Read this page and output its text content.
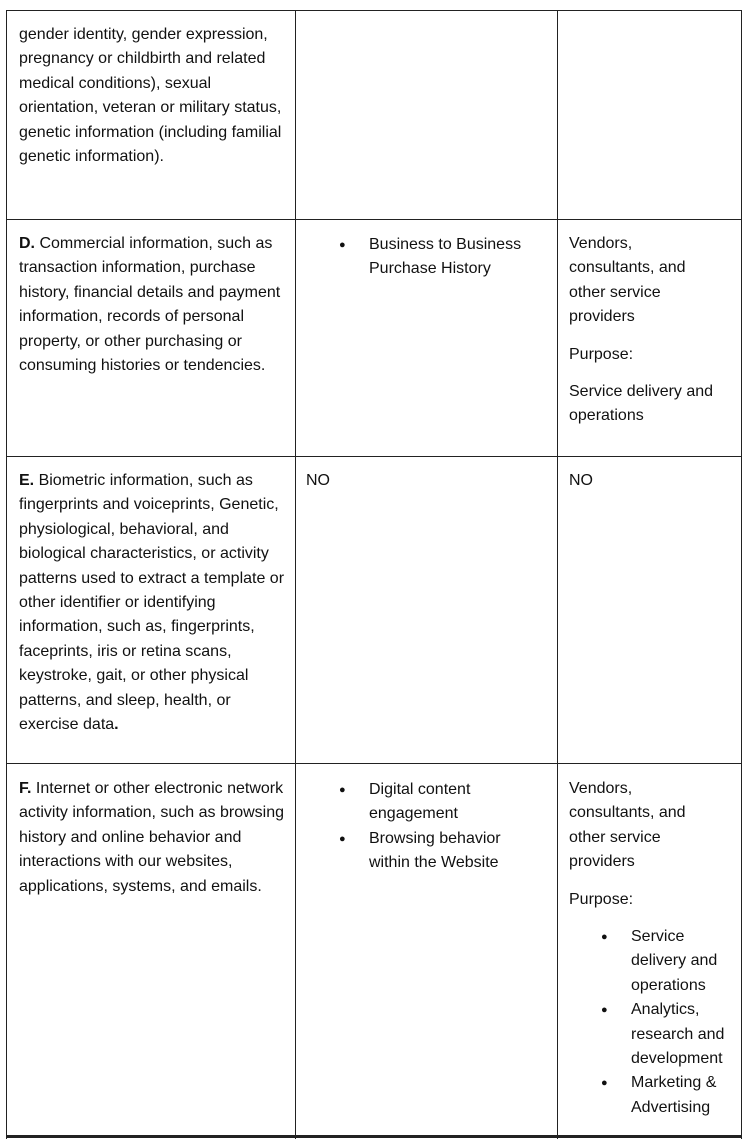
gender identity, gender expression, pregnancy or childbirth and related medical conditions), sexual orientation, veteran or military status, genetic information (including familial genetic information).

D. Commercial information, such as transaction information, purchase history, financial details and payment information, records of personal property, or other purchasing or consuming histories or tendencies.

● Business to Business Purchase History

Vendors, consultants, and other service providers

Purpose:

Service delivery and operations

E. Biometric information, such as fingerprints and voiceprints, Genetic, physiological, behavioral, and biological characteristics, or activity patterns used to extract a template or other identifier or identifying information, such as, fingerprints, faceprints, iris or retina scans, keystroke, gait, or other physical patterns, and sleep, health, or exercise data.

NO	NO

F. Internet or other electronic network activity information, such as browsing history and online behavior and interactions with our websites, applications, systems, and emails.

● Digital content engagement
● Browsing behavior within the Website

Vendors, consultants, and other service providers

Purpose:

● Service delivery and operations
● Analytics, research and development
● Marketing & Advertising
